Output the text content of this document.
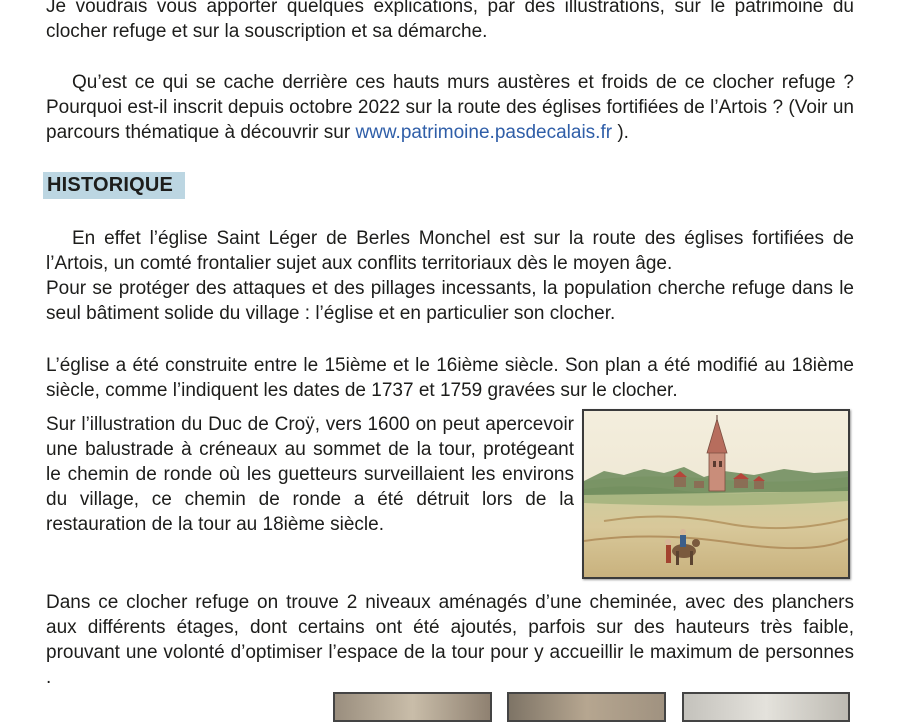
Je voudrais vous apporter quelques explications, par des illustrations, sur le patrimoine du clocher refuge et sur la souscription et sa démarche.

Qu’est ce qui se cache derrière ces hauts murs austères et froids de ce clocher refuge ? Pourquoi est-il inscrit depuis octobre 2022 sur la route des églises fortifiées de l’Artois ? (Voir un parcours thématique à découvrir sur www.patrimoine.pasdecalais.fr ).

HISTORIQUE

En effet l’église Saint Léger de Berles Monchel est sur la route des églises fortifiées de l’Artois, un comté frontalier sujet aux conflits territoriaux dès le moyen âge.

Pour se protéger des attaques et des pillages incessants, la population cherche refuge dans le seul bâtiment solide du village : l’église et en particulier son clocher.

L’église a été construite entre le 15ième et le 16ième siècle. Son plan a été modifié au 18ième siècle, comme l’indiquent les dates de 1737 et 1759 gravées sur le clocher.

Sur l’illustration du Duc de Croÿ, vers 1600 on peut apercevoir une balustrade à créneaux au sommet de la tour, protégeant le chemin de ronde où les guetteurs surveillaient les environs du village, ce chemin de ronde a été détruit lors de la restauration de la tour au 18ième siècle.

Dans ce clocher refuge on trouve 2 niveaux aménagés d’une cheminée, avec des planchers aux différents étages, dont certains ont été ajoutés, parfois sur des hauteurs très faible, prouvant une volonté d’optimiser l’espace de la tour pour y accueillir le maximum de personnes .
